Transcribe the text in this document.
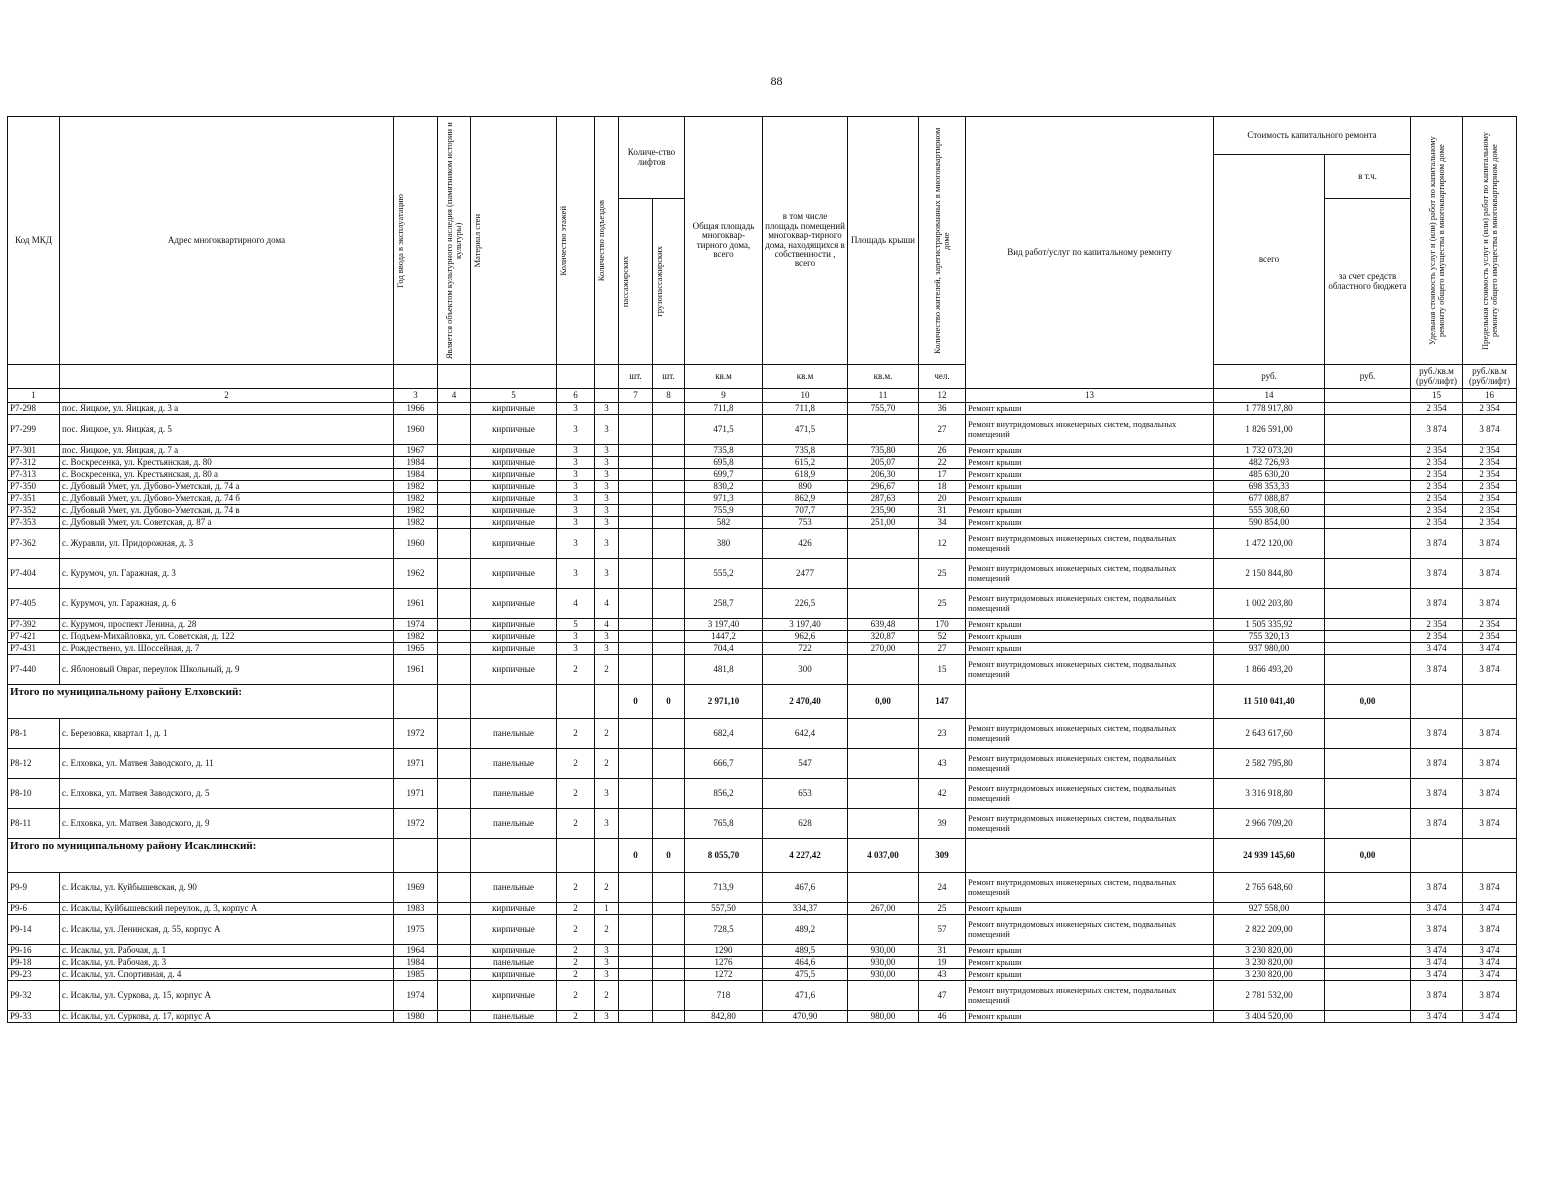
88
Код МКД	Адрес многоквартирного дома	Год ввода в эксплуатацию	Является объектом культурного наследия (памятником истории и культуры)	Материал стен	Количество этажей	Количество подъездов	Количе-ство лифтов		Общая площадь многоквар-тирного дома, всего	в том числе площадь помещений многоквар-тирного дома, находящихся в собственности , всего	Площадь крыши	Количество жителей, зарегистрированных в многоквартирном доме	Вид работ/услуг по капитальному ремонту	Стоимость капитального ремонта		Удельная стоимость услуг и (или) работ по капитальному ремонту общего имущества в многоквартирном доме	Предельная стоимость услуг и (или) работ по капитальному ремонту общего имущества в многоквартирном доме

														всего	в т.ч.		

							пассажирских	грузопассажирских							за счет средств областного бюджета		
							шт.	шт.	кв.м	кв.м	кв.м.	чел.		руб.	руб.	руб./кв.м (руб/лифт)	руб./кв.м (руб/лифт)
1	2	3	4	5	6		7	8	9	10	11	12	13	14		15	16
Р7-298	пос. Яицкое, ул. Яицкая, д. 3 а	1966		кирпичные	3	3			711,8	711,8	755,70	36	Ремонт крыши	1 778 917,80		2 354	2 354
Р7-299	пос. Яицкое, ул. Яицкая, д. 5	1960		кирпичные	3	3			471,5	471,5		27	Ремонт внутридомовых инженерных систем, подвальных помещений	1 826 591,00		3 874	3 874
Р7-301	пос. Яицкое, ул. Яицкая, д. 7 а	1967		кирпичные	3	3			735,8	735,8	735,80	26	Ремонт крыши	1 732 073,20		2 354	2 354
Р7-312	с. Воскресенка, ул. Крестьянская, д. 80	1984		кирпичные	3	3			695,8	615,2	205,07	22	Ремонт крыши	482 726,93		2 354	2 354
Р7-313	с. Воскресенка, ул. Крестьянская, д. 80 а	1984		кирпичные	3	3			699,7	618,9	206,30	17	Ремонт крыши	485 630,20		2 354	2 354
Р7-350	с. Дубовый Умет, ул. Дубово-Уметская, д. 74 а	1982		кирпичные	3	3			830,2	890	296,67	18	Ремонт крыши	698 353,33		2 354	2 354
Р7-351	с. Дубовый Умет, ул. Дубово-Уметская, д. 74 б	1982		кирпичные	3	3			971,3	862,9	287,63	20	Ремонт крыши	677 088,87		2 354	2 354
Р7-352	с. Дубовый Умет, ул. Дубово-Уметская, д. 74 в	1982		кирпичные	3	3			755,9	707,7	235,90	31	Ремонт крыши	555 308,60		2 354	2 354
Р7-353	с. Дубовый Умет, ул. Советская, д. 87 а	1982		кирпичные	3	3			582	753	251,00	34	Ремонт крыши	590 854,00		2 354	2 354
Р7-362	с. Журавли, ул. Придорожная, д. 3	1960		кирпичные	3	3			380	426		12	Ремонт внутридомовых инженерных систем, подвальных помещений	1 472 120,00		3 874	3 874
Р7-404	с. Курумоч, ул. Гаражная, д. 3	1962		кирпичные	3	3			555,2	2477		25	Ремонт внутридомовых инженерных систем, подвальных помещений	2 150 844,80		3 874	3 874
Р7-405	с. Курумоч, ул. Гаражная, д. 6	1961		кирпичные	4	4			258,7	226,5		25	Ремонт внутридомовых инженерных систем, подвальных помещений	1 002 203,80		3 874	3 874
Р7-392	с. Курумоч, проспект Ленина, д. 28	1974		кирпичные	5	4			3 197,40	3 197,40	639,48	170	Ремонт крыши	1 505 335,92		2 354	2 354
Р7-421	с. Подъем-Михайловка, ул. Советская, д. 122	1982		кирпичные	3	3			1447,2	962,6	320,87	52	Ремонт крыши	755 320,13		2 354	2 354
Р7-431	с. Рождествено, ул. Шоссейная, д. 7	1965		кирпичные	3	3			704,4	722	270,00	27	Ремонт крыши	937 980,00		3 474	3 474
Р7-440	с. Яблоновый Овраг, переулок Школьный, д. 9	1961		кирпичные	2	2			481,8	300		15	Ремонт внутридомовых инженерных систем, подвальных помещений	1 866 493,20		3 874	3 874
Итого по муниципальному району Елховский:							0	0	2 971,10	2 470,40	0,00	147		11 510 041,40	0,00		
Р8-1	с. Березовка, квартал 1, д. 1	1972		панельные	2	2			682,4	642,4		23	Ремонт внутридомовых инженерных систем, подвальных помещений	2 643 617,60		3 874	3 874
Р8-12	с. Елховка, ул. Матвея Заводского, д. 11	1971		панельные	2	2			666,7	547		43	Ремонт внутридомовых инженерных систем, подвальных помещений	2 582 795,80		3 874	3 874
Р8-10	с. Елховка, ул. Матвея Заводского, д. 5	1971		панельные	2	3			856,2	653		42	Ремонт внутридомовых инженерных систем, подвальных помещений	3 316 918,80		3 874	3 874
Р8-11	с. Елховка, ул. Матвея Заводского, д. 9	1972		панельные	2	3			765,8	628		39	Ремонт внутридомовых инженерных систем, подвальных помещений	2 966 709,20		3 874	3 874
Итого по муниципальному району Исаклинский:							0	0	8 055,70	4 227,42	4 037,00	309		24 939 145,60	0,00		
Р9-9	с. Исаклы, ул. Куйбышевская, д. 90	1969		панельные	2	2			713,9	467,6		24	Ремонт внутридомовых инженерных систем, подвальных помещений	2 765 648,60		3 874	3 874
Р9-6	с. Исаклы, Куйбышевский переулок, д. 3, корпус А	1983		кирпичные	2	1			557,50	334,37	267,00	25	Ремонт крыши	927 558,00		3 474	3 474
Р9-14	с. Исаклы, ул. Ленинская, д. 55, корпус А	1975		кирпичные	2	2			728,5	489,2		57	Ремонт внутридомовых инженерных систем, подвальных помещений	2 822 209,00		3 874	3 874
Р9-16	с. Исаклы, ул. Рабочая, д. 1	1964		кирпичные	2	3			1290	489,5	930,00	31	Ремонт крыши	3 230 820,00		3 474	3 474
Р9-18	с. Исаклы, ул. Рабочая, д. 3	1984		панельные	2	3			1276	464,6	930,00	19	Ремонт крыши	3 230 820,00		3 474	3 474
Р9-23	с. Исаклы, ул. Спортивная, д. 4	1985		кирпичные	2	3			1272	475,5	930,00	43	Ремонт крыши	3 230 820,00		3 474	3 474
Р9-32	с. Исаклы, ул. Суркова, д. 15, корпус А	1974		кирпичные	2	2			718	471,6		47	Ремонт внутридомовых инженерных систем, подвальных помещений	2 781 532,00		3 874	3 874
Р9-33	с. Исаклы, ул. Суркова, д. 17, корпус А	1980		панельные	2	3			842,80	470,90	980,00	46	Ремонт крыши	3 404 520,00		3 474	3 474
